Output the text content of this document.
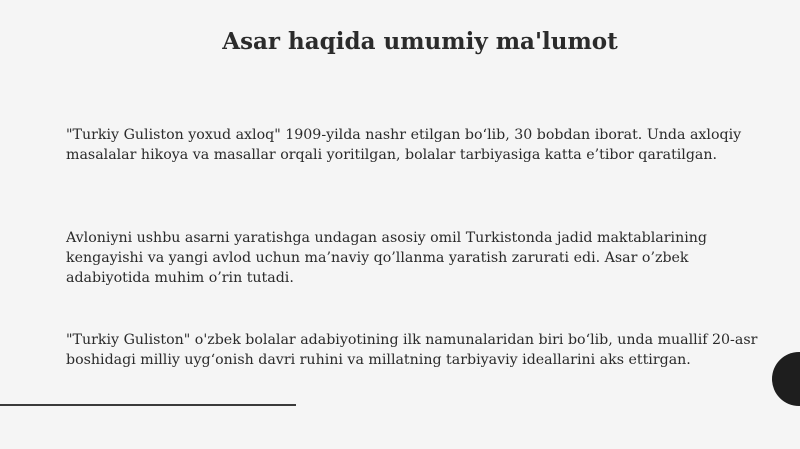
Asar haqida umumiy ma'lumot

"Turkiy Guliston yoxud axloq" 1909-yilda nashr etilgan bo‘lib, 30 bobdan iborat. Unda axloqiy masalalar hikoya va masallar orqali yoritilgan, bolalar tarbiyasiga katta e’tibor qaratilgan.

Avloniyni ushbu asarni yaratishga undagan asosiy omil Turkistonda jadid maktablarining kengayishi va yangi avlod uchun ma’naviy qo’llanma yaratish zarurati edi. Asar o’zbek adabiyotida muhim o’rin tutadi.

"Turkiy Guliston" o'zbek bolalar adabiyotining ilk namunalaridan biri bo‘lib, unda muallif 20-asr boshidagi milliy uyg‘onish davri ruhini va millatning tarbiyaviy ideallarini aks ettirgan.
